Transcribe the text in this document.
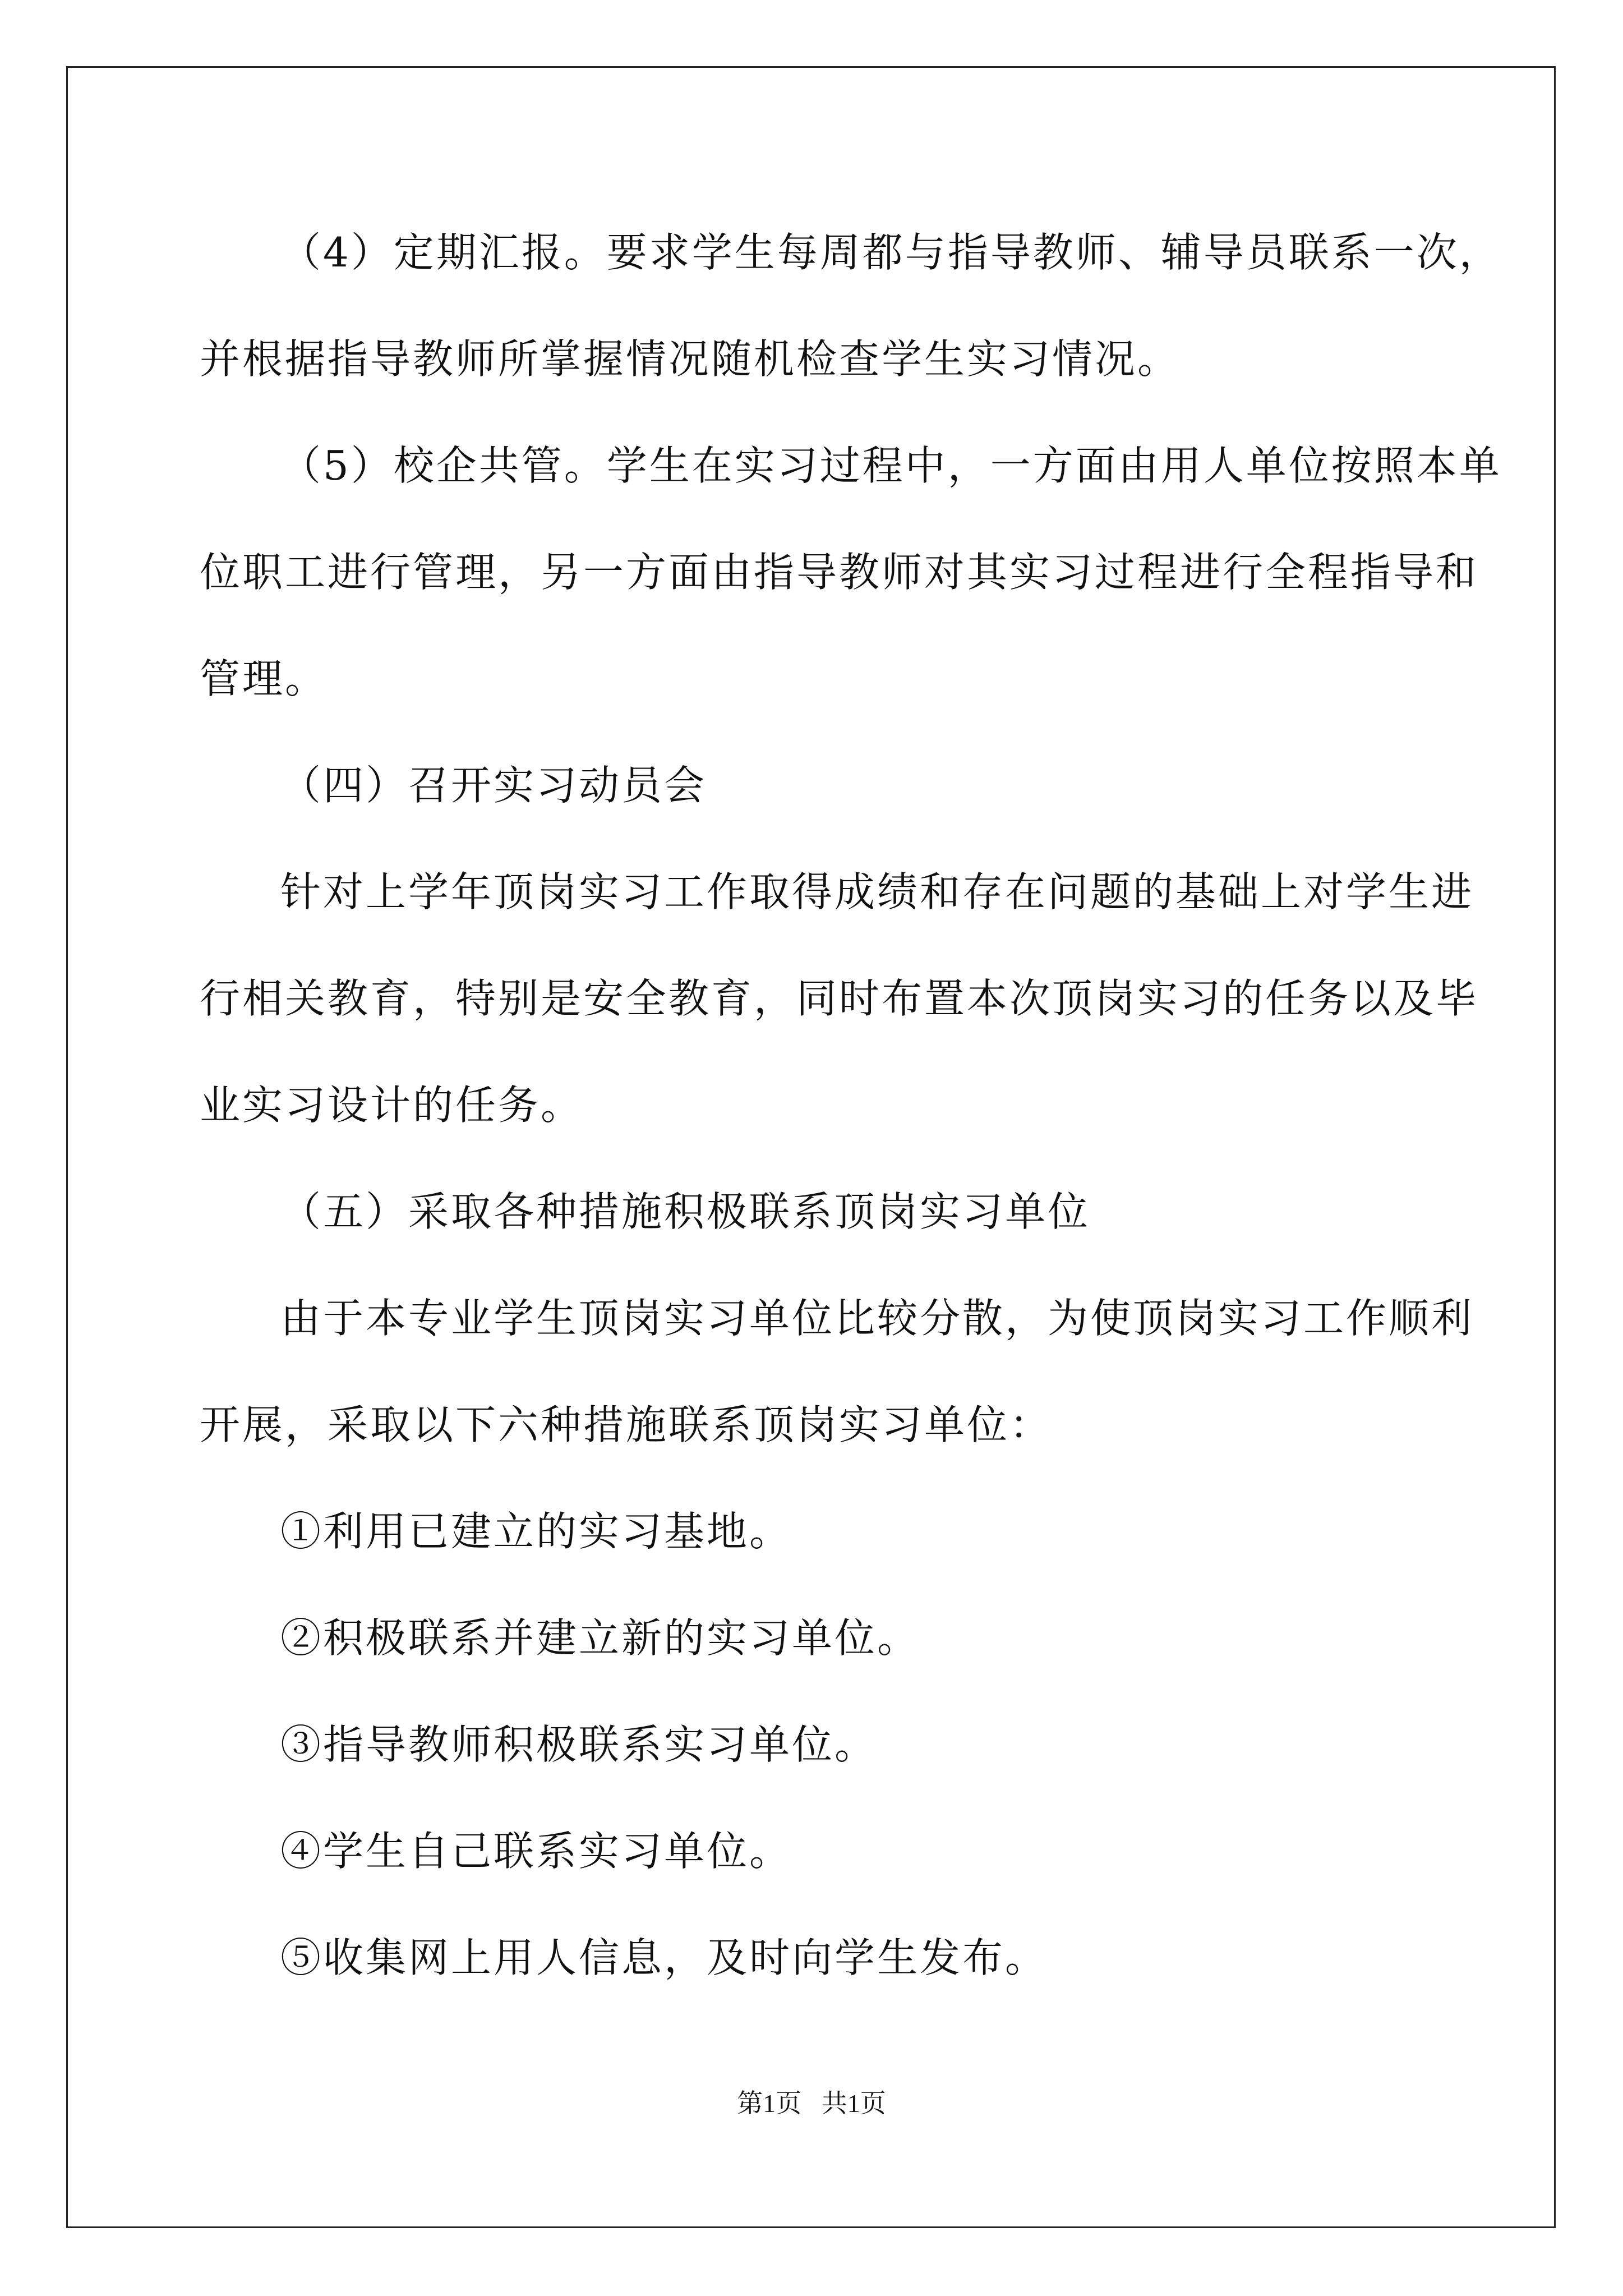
（4）定期汇报。要求学生每周都与指导教师、辅导员联系一次，
并根据指导教师所掌握情况随机检查学生实习情况。
（5）校企共管。学生在实习过程中，一方面由用人单位按照本单
位职工进行管理，另一方面由指导教师对其实习过程进行全程指导和
管理。
（四）召开实习动员会
针对上学年顶岗实习工作取得成绩和存在问题的基础上对学生进
行相关教育，特别是安全教育，同时布置本次顶岗实习的任务以及毕
业实习设计的任务。
（五）采取各种措施积极联系顶岗实习单位
由于本专业学生顶岗实习单位比较分散，为使顶岗实习工作顺利
开展，采取以下六种措施联系顶岗实习单位：
①利用已建立的实习基地。
②积极联系并建立新的实习单位。
③指导教师积极联系实习单位。
④学生自己联系实习单位。
⑤收集网上用人信息，及时向学生发布。
第1页 共1页
